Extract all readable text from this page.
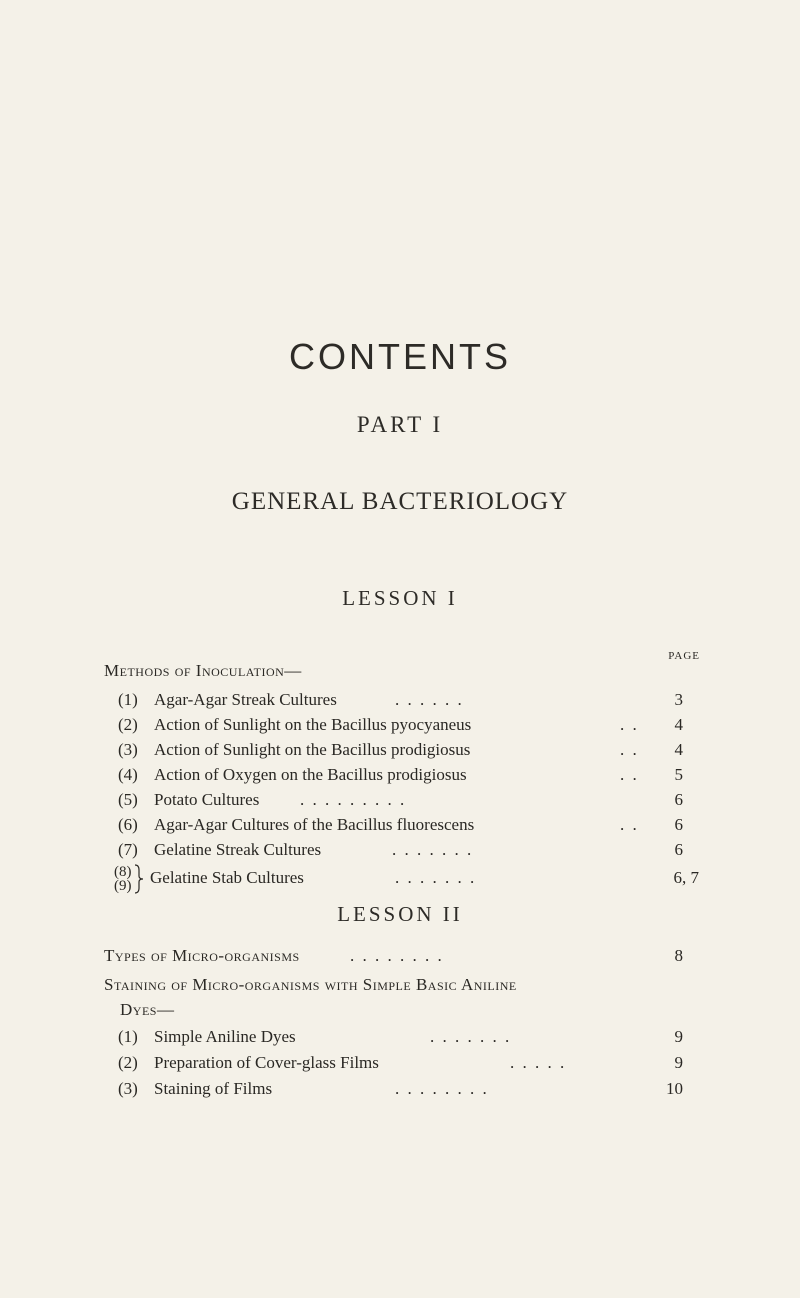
CONTENTS
PART I
GENERAL BACTERIOLOGY
LESSON I
PAGE
Methods of Inoculation—
(1) Agar-Agar Streak Cultures	. . . . . .	3
(2) Action of Sunlight on the Bacillus pyocyaneus	. . 4
(3) Action of Sunlight on the Bacillus prodigiosus	. . 4
(4) Action of Oxygen on the Bacillus prodigiosus	. . 5
(5) Potato Cultures . . . . . . . . .	6
(6) Agar-Agar Cultures of the Bacillus fluorescens	. . 6
(7) Gelatine Streak Cultures	. . . . . . .	6
(8)
(9) Gelatine Stab Cultures	. . . . . . .	6, 7
LESSON II
Types of Micro-organisms	. . . . . . . .	8
Staining of Micro-organisms with Simple Basic Aniline
Dyes—
(1) Simple Aniline Dyes	. . . . . . .	9
(2) Preparation of Cover-glass Films	. . . . .	9
(3) Staining of Films	. . . . . . . .	10
